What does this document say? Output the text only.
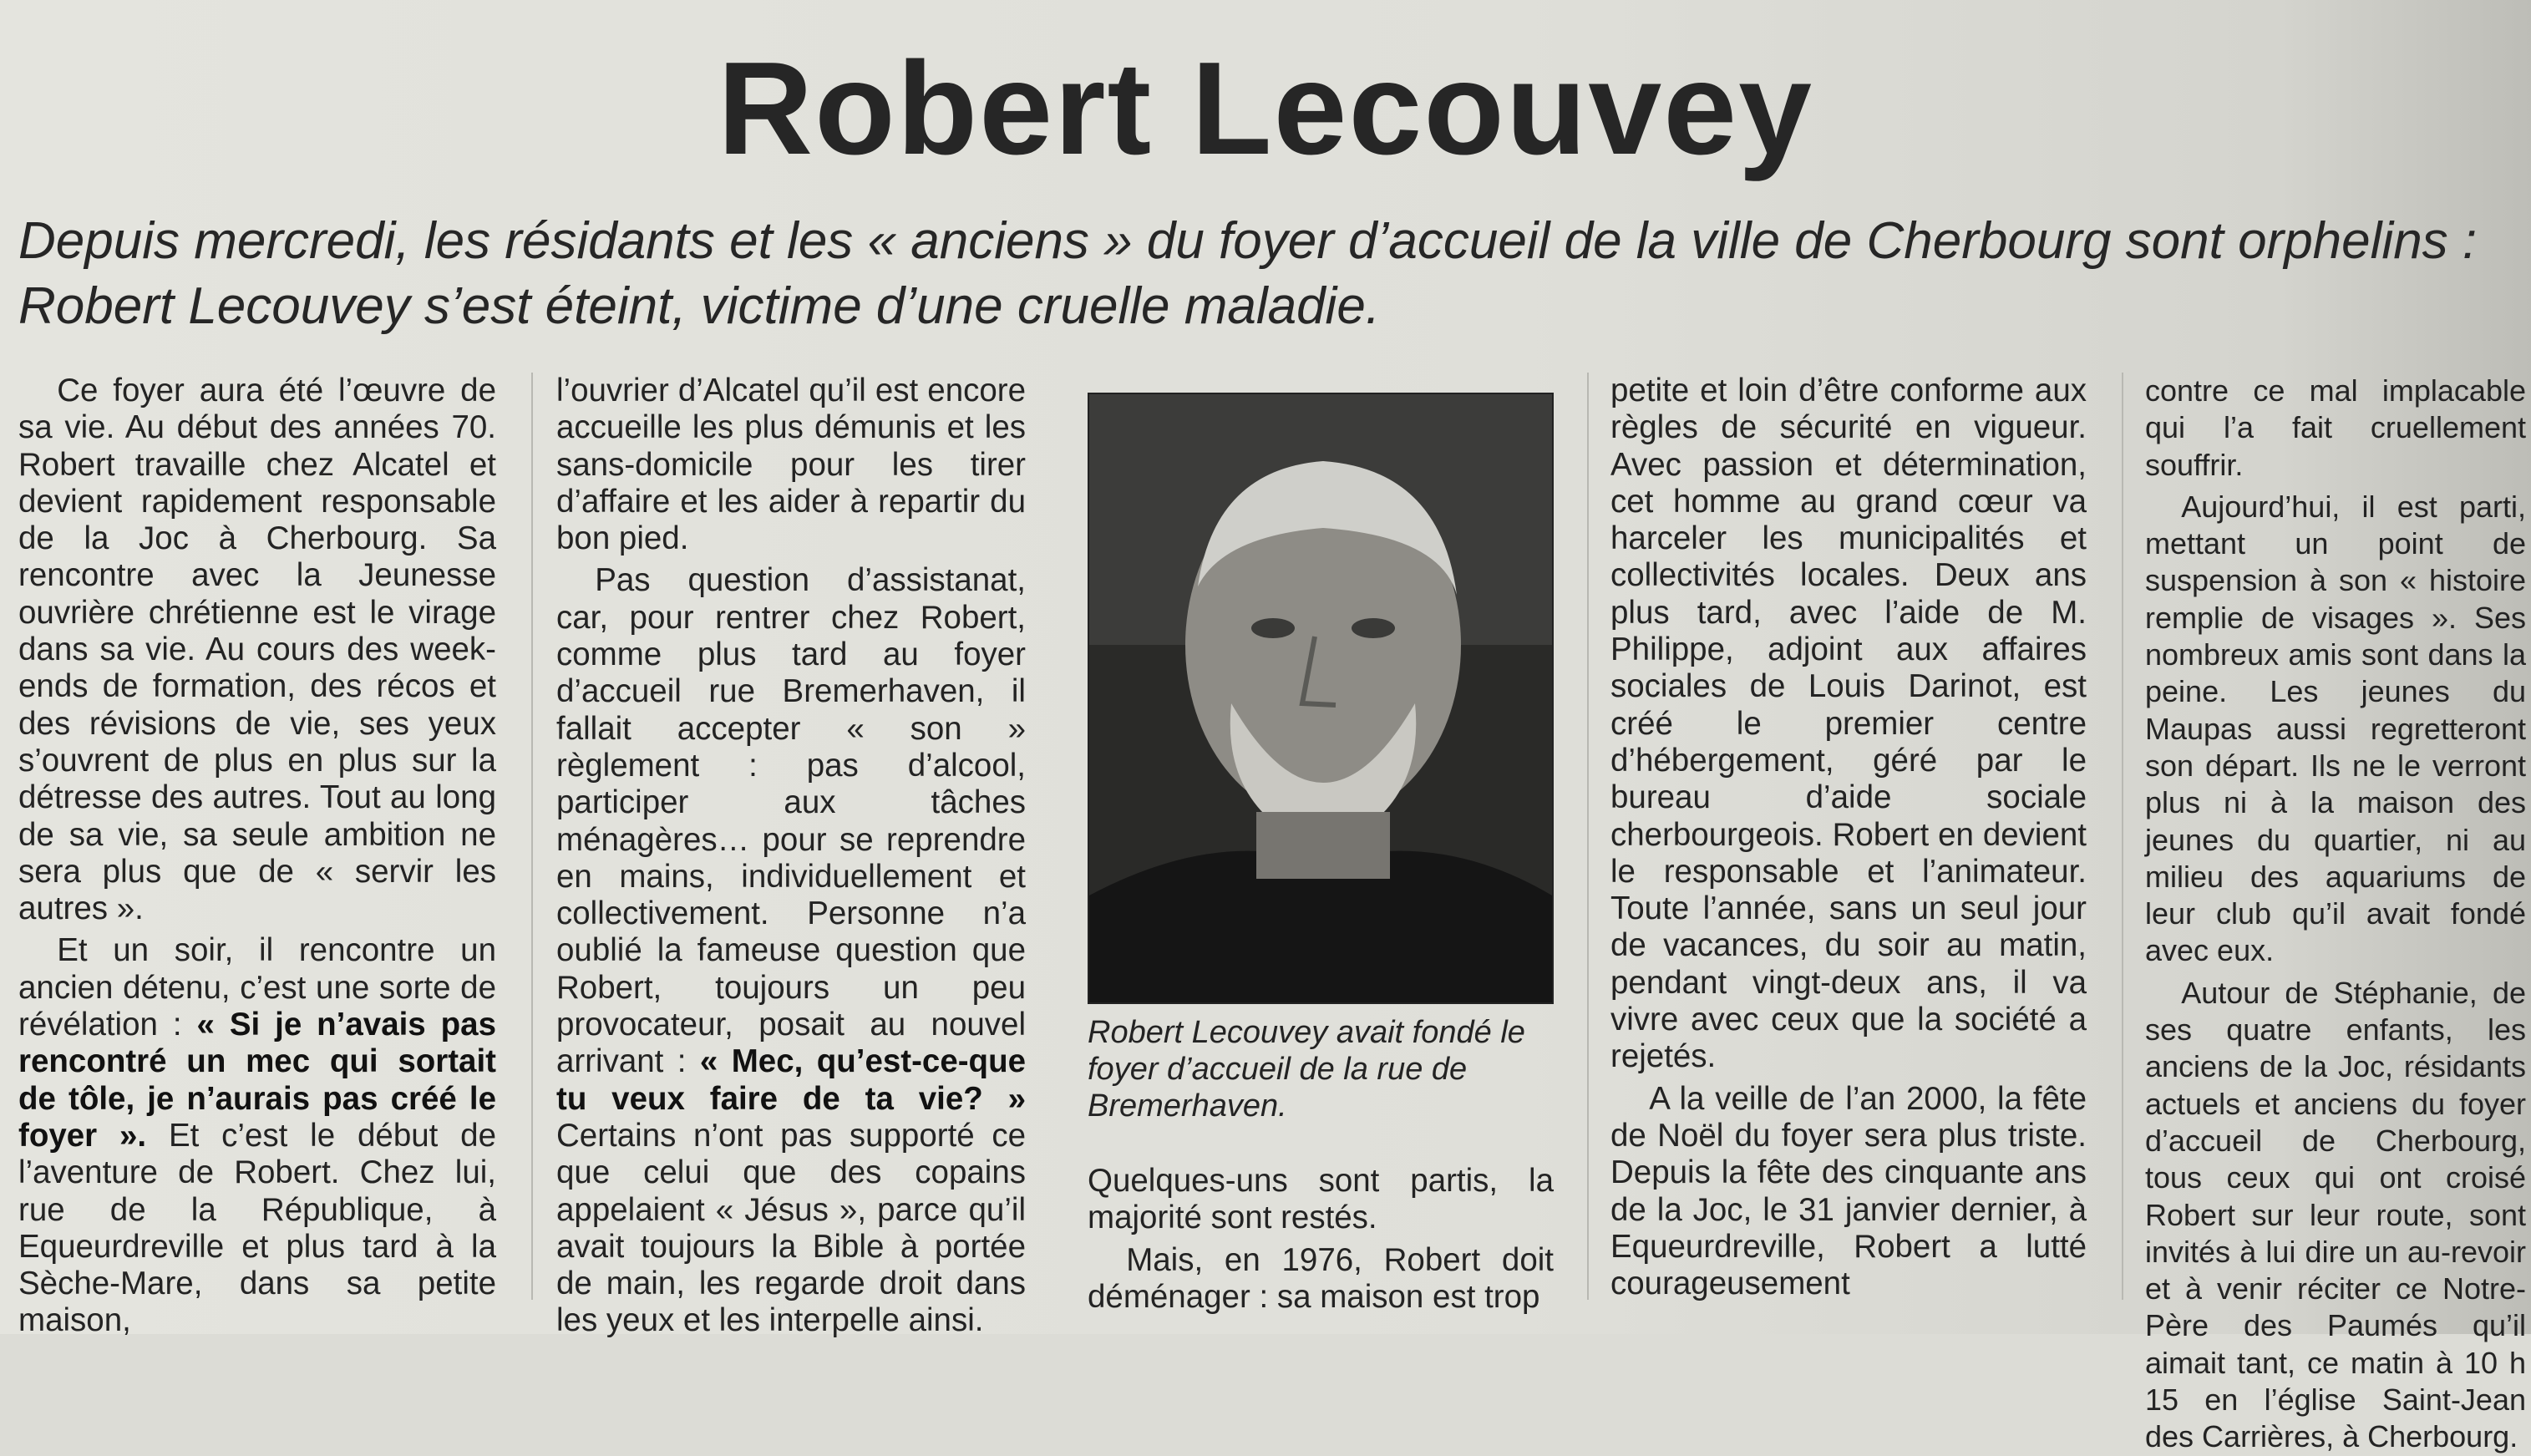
Robert Lecouvey
Depuis mercredi, les résidants et les « anciens » du foyer d’accueil de la ville de Cherbourg sont orphelins : Robert Lecouvey s’est éteint, victime d’une cruelle maladie.

Ce foyer aura été l’œuvre de sa vie. Au début des années 70. Robert travaille chez Alcatel et devient rapidement responsable de la Joc à Cherbourg. Sa rencontre avec la Jeunesse ouvrière chrétienne est le virage dans sa vie. Au cours des week-ends de formation, des récos et des révisions de vie, ses yeux s’ouvrent de plus en plus sur la détresse des autres. Tout au long de sa vie, sa seule ambition ne sera plus que de « servir les autres ».

Et un soir, il rencontre un ancien détenu, c’est une sorte de révélation : « Si je n’avais pas rencontré un mec qui sortait de tôle, je n’aurais pas créé le foyer ». Et c’est le début de l’aventure de Robert. Chez lui, rue de la République, à Equeurdreville et plus tard à la Sèche-Mare, dans sa petite maison,

l’ouvrier d’Alcatel qu’il est encore accueille les plus démunis et les sans-domicile pour les tirer d’affaire et les aider à repartir du bon pied.

Pas question d’assistanat, car, pour rentrer chez Robert, comme plus tard au foyer d’accueil rue Bremerhaven, il fallait accepter « son » règlement : pas d’alcool, participer aux tâches ménagères… pour se reprendre en mains, individuellement et collectivement. Personne n’a oublié la fameuse question que Robert, toujours un peu provocateur, posait au nouvel arrivant : « Mec, qu’est-ce-que tu veux faire de ta vie? » Certains n’ont pas supporté ce que celui que des copains appelaient « Jésus », parce qu’il avait toujours la Bible à portée de main, les regarde droit dans les yeux et les interpelle ainsi.

Robert Lecouvey avait fondé le foyer d’accueil de la rue de Bremerhaven.

Quelques-uns sont partis, la majorité sont restés.

Mais, en 1976, Robert doit déménager : sa maison est trop

petite et loin d’être conforme aux règles de sécurité en vigueur. Avec passion et détermination, cet homme au grand cœur va harceler les municipalités et collectivités locales. Deux ans plus tard, avec l’aide de M. Philippe, adjoint aux affaires sociales de Louis Darinot, est créé le premier centre d’hébergement, géré par le bureau d’aide sociale cherbourgeois. Robert en devient le responsable et l’animateur. Toute l’année, sans un seul jour de vacances, du soir au matin, pendant vingt-deux ans, il va vivre avec ceux que la société a rejetés.

A la veille de l’an 2000, la fête de Noël du foyer sera plus triste. Depuis la fête des cinquante ans de la Joc, le 31 janvier dernier, à Equeurdreville, Robert a lutté courageusement

contre ce mal implacable qui l’a fait cruellement souffrir.

Aujourd’hui, il est parti, mettant un point de suspension à son « histoire remplie de visages ». Ses nombreux amis sont dans la peine. Les jeunes du Maupas aussi regretteront son départ. Ils ne le verront plus ni à la maison des jeunes du quartier, ni au milieu des aquariums de leur club qu’il avait fondé avec eux.

Autour de Stéphanie, de ses quatre enfants, les anciens de la Joc, résidants actuels et anciens du foyer d’accueil de Cherbourg, tous ceux qui ont croisé Robert sur leur route, sont invités à lui dire un au-revoir et à venir réciter ce Notre-Père des Paumés qu’il aimait tant, ce matin à 10 h 15 en l’église Saint-Jean des Carrières, à Cherbourg.
